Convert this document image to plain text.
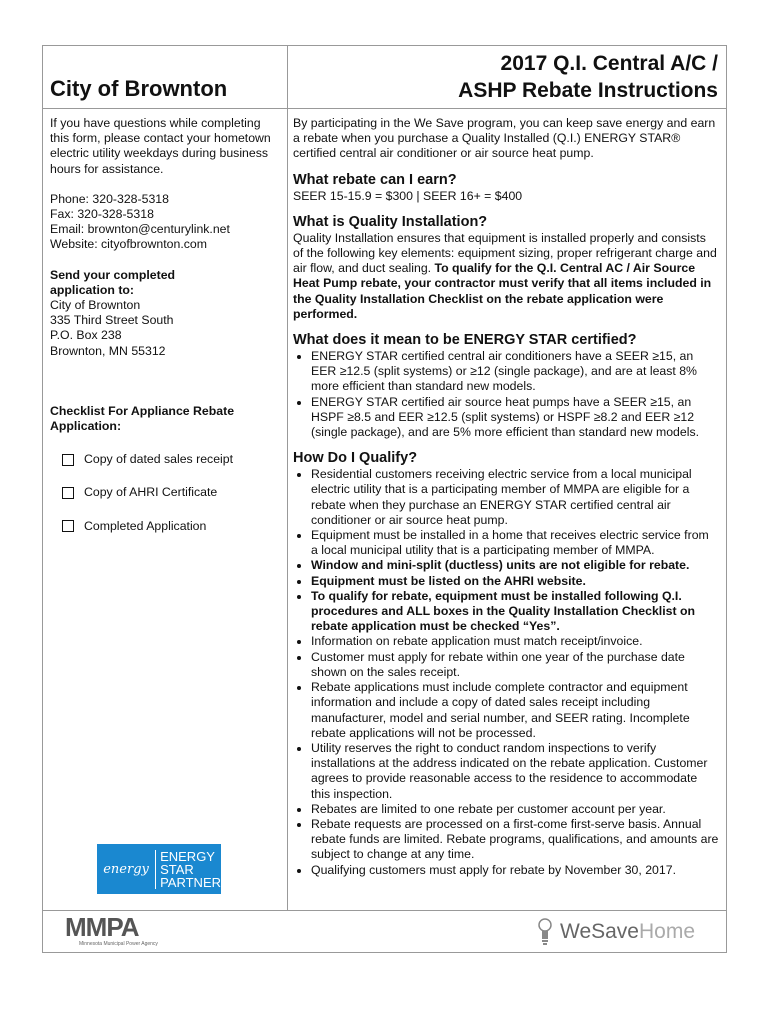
City of Brownton
2017 Q.I. Central A/C /
ASHP Rebate Instructions

If you have questions while completing this form, please contact your hometown electric utility weekdays during business hours for assistance.

Phone: 320-328-5318

Fax: 320-328-5318

Email: brownton@centurylink.net

Website: cityofbrownton.com

Send your completed

application to:

City of Brownton

335 Third Street South

P.O. Box 238

Brownton, MN 55312

Checklist For Appliance Rebate Application:

Copy of dated sales receipt
Copy of AHRI Certificate
Completed Application

By participating in the We Save program, you can keep save energy and earn a rebate when you purchase a Quality Installed (Q.I.) ENERGY STAR® certified central air conditioner or air source heat pump.

What rebate can I earn?

SEER 15-15.9 = $300 | SEER 16+ = $400

What is Quality Installation?

Quality Installation ensures that equipment is installed properly and consists of the following key elements: equipment sizing, proper refrigerant charge and air flow, and duct sealing. To qualify for the Q.I. Central AC / Air Source Heat Pump rebate, your contractor must verify that all items included in the Quality Installation Checklist on the rebate application were performed.

What does it mean to be ENERGY STAR certified?
• ENERGY STAR certified central air conditioners have a SEER ≥15, an EER ≥12.5 (split systems) or ≥12 (single package), and are at least 8% more efficient than standard new models.
• ENERGY STAR certified air source heat pumps have a SEER ≥15, an HSPF ≥8.5 and EER ≥12.5 (split systems) or HSPF ≥8.2 and EER ≥12 (single package), and are 5% more efficient than standard new models.
How Do I Qualify?
• Residential customers receiving electric service from a local municipal electric utility that is a participating member of MMPA are eligible for a rebate when they purchase an ENERGY STAR certified central air conditioner or air source heat pump.
• Equipment must be installed in a home that receives electric service from a local municipal utility that is a participating member of MMPA.
• Window and mini-split (ductless) units are not eligible for rebate.
• Equipment must be listed on the AHRI website.
• To qualify for rebate, equipment must be installed following Q.I. procedures and ALL boxes in the Quality Installation Checklist on rebate application must be checked “Yes”.
• Information on rebate application must match receipt/invoice.
• Customer must apply for rebate within one year of the purchase date shown on the sales receipt.
• Rebate applications must include complete contractor and equipment information and include a copy of dated sales receipt including manufacturer, model and serial number, and SEER rating. Incomplete rebate applications will not be processed.
• Utility reserves the right to conduct random inspections to verify installations at the address indicated on the rebate application. Customer agrees to provide reasonable access to the residence to accommodate this inspection.
• Rebates are limited to one rebate per customer account per year.
• Rebate requests are processed on a first-come first-serve basis. Annual rebate funds are limited. Rebate programs, qualifications, and amounts are subject to change at any time.
• Qualifying customers must apply for rebate by November 30, 2017.
energy
ENERGY
STAR
PARTNER
MMPA
Minnesota Municipal Power Agency
WeSaveHome
